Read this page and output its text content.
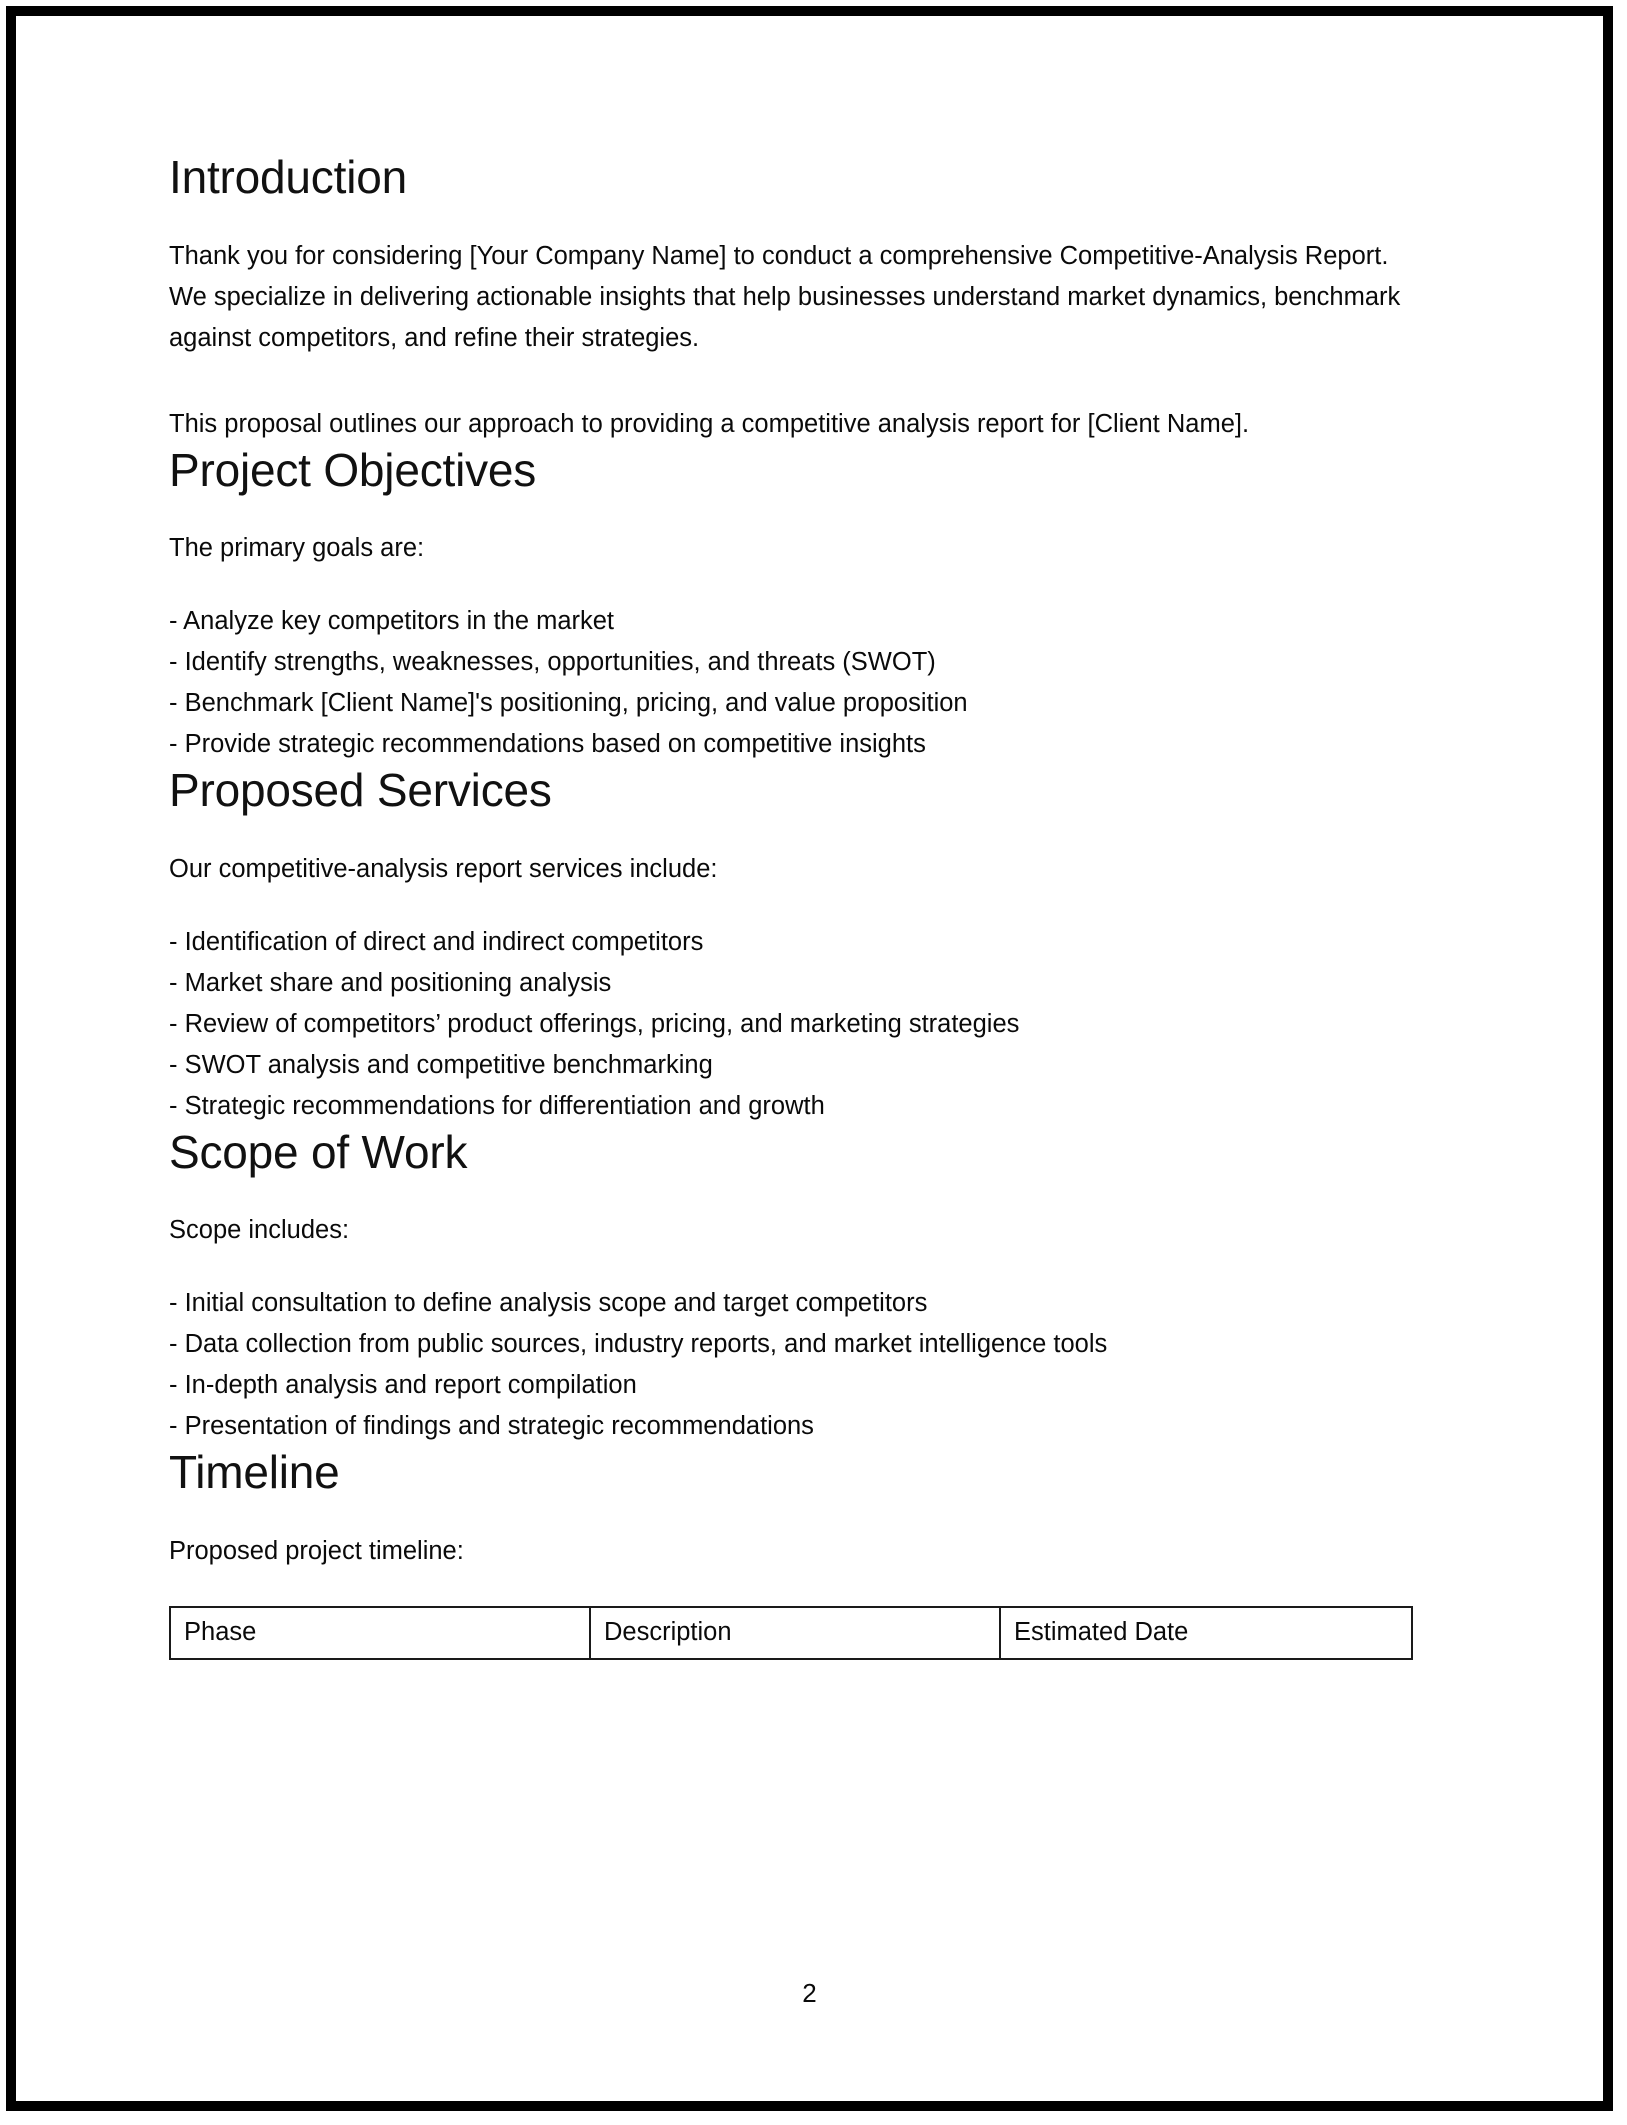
Introduction

Thank you for considering [Your Company Name] to conduct a comprehensive Competitive-Analysis Report. We specialize in delivering actionable insights that help businesses understand market dynamics, benchmark against competitors, and refine their strategies.

This proposal outlines our approach to providing a competitive analysis report for [Client Name].

Project Objectives

The primary goals are:

- Analyze key competitors in the market
- Identify strengths, weaknesses, opportunities, and threats (SWOT)
- Benchmark [Client Name]'s positioning, pricing, and value proposition
- Provide strategic recommendations based on competitive insights
Proposed Services

Our competitive-analysis report services include:

- Identification of direct and indirect competitors
- Market share and positioning analysis
- Review of competitors’ product offerings, pricing, and marketing strategies
- SWOT analysis and competitive benchmarking
- Strategic recommendations for differentiation and growth
Scope of Work

Scope includes:

- Initial consultation to define analysis scope and target competitors
- Data collection from public sources, industry reports, and market intelligence tools
- In-depth analysis and report compilation
- Presentation of findings and strategic recommendations
Timeline

Proposed project timeline:

Phase	Description	Estimated Date
2
